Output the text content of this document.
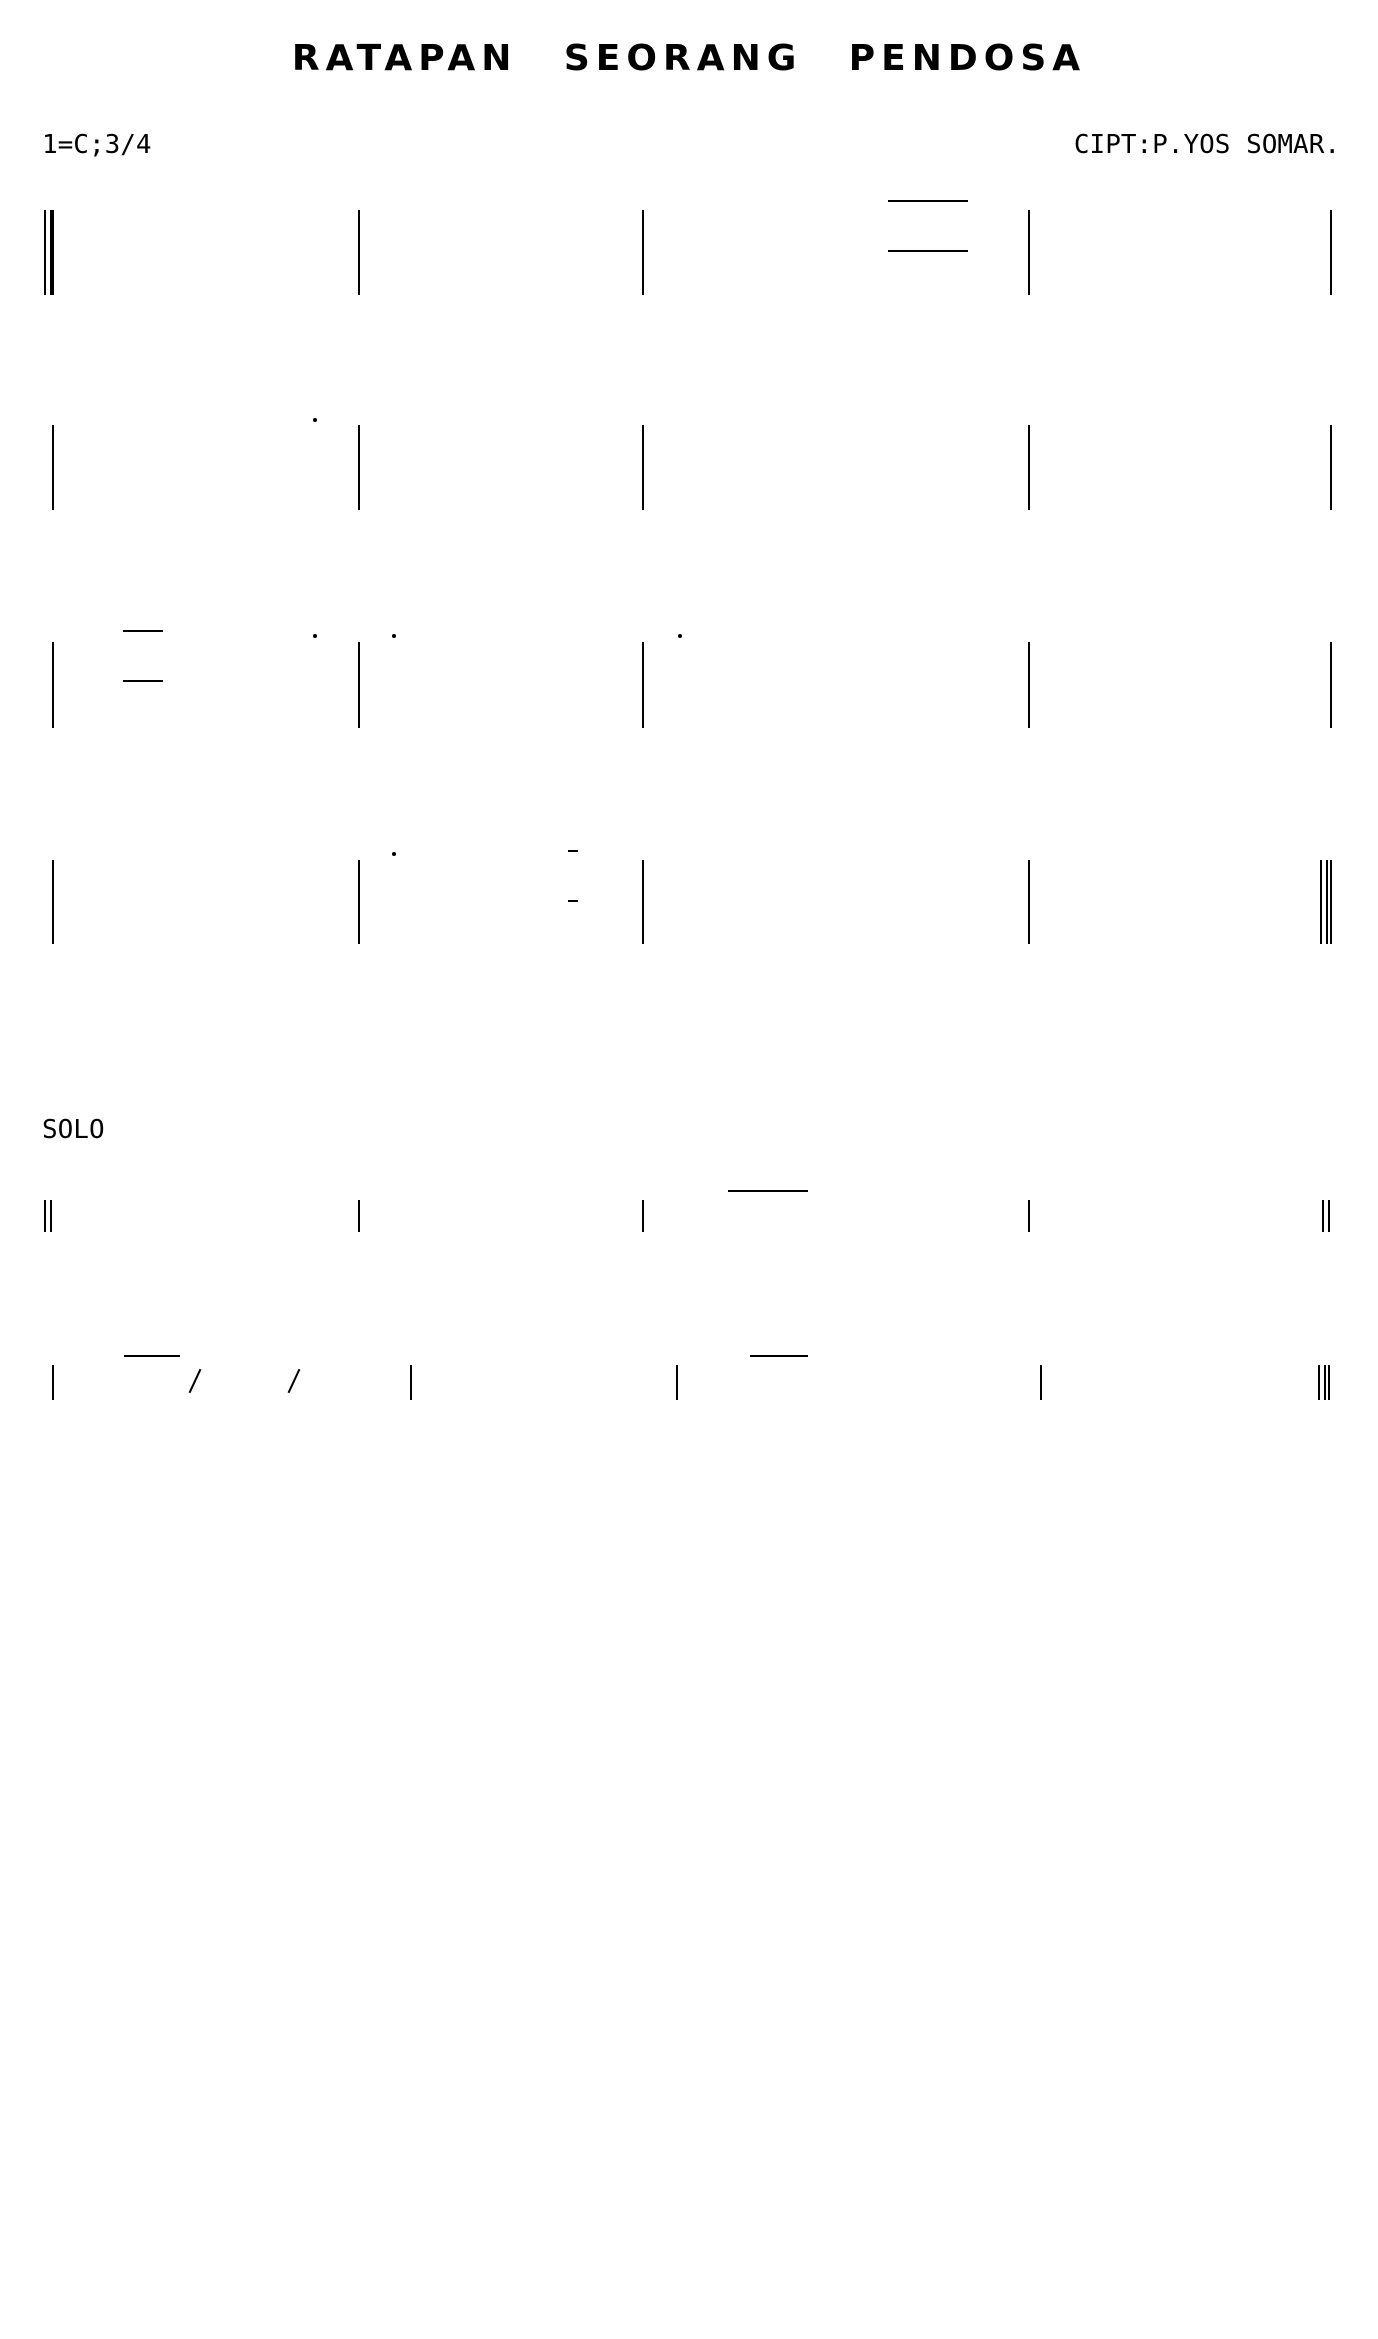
RATAPAN SEORANG PENDOSA
1=C;3/4	CIPT:P.YOS SOMAR.
SOLO
